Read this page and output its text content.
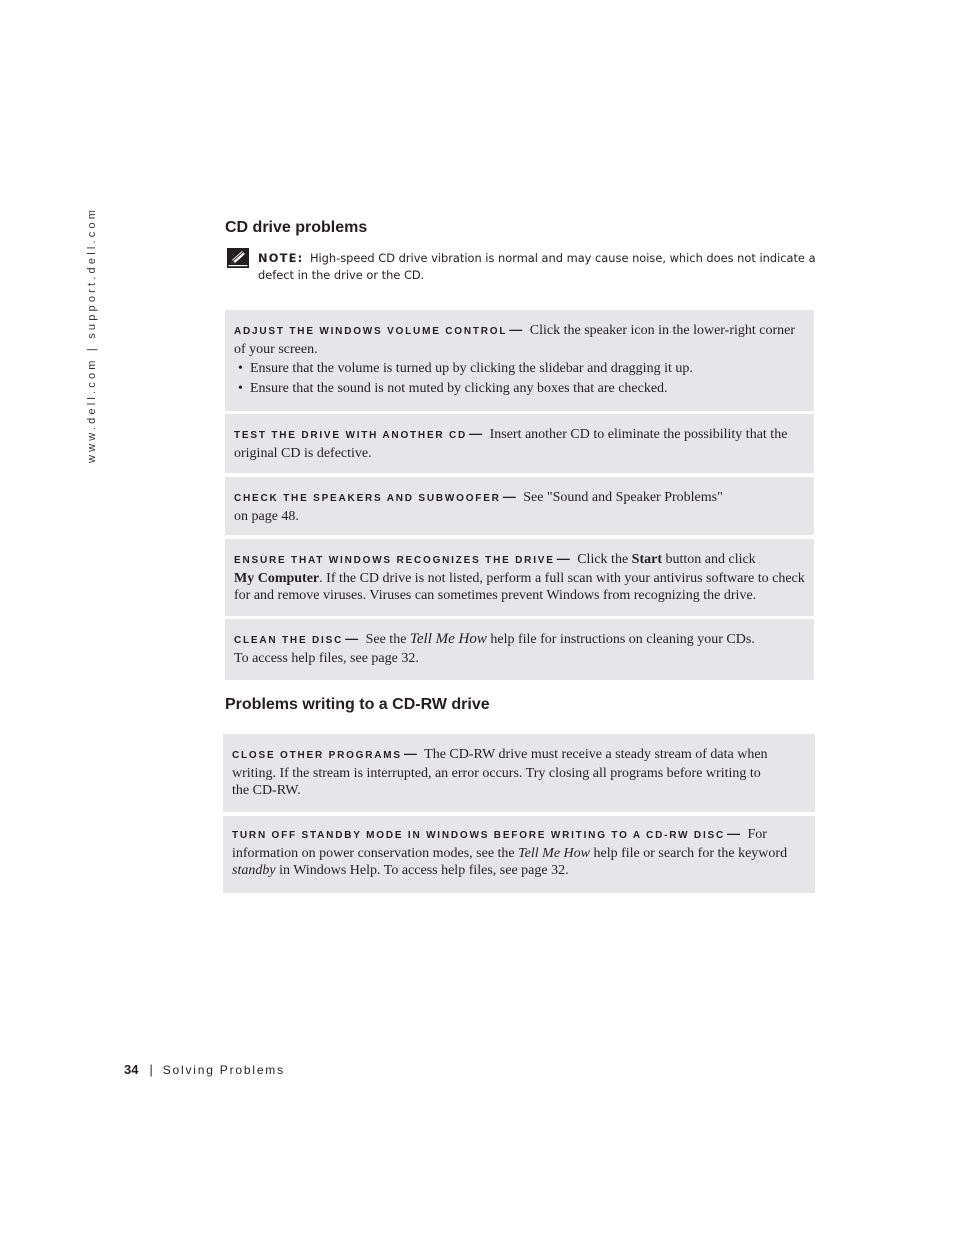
www.dell.com | support.dell.com	CD drive problems
NOTE: High-speed CD drive vibration is normal and may cause noise, which does not indicate a defect in the drive or the CD.

ADJUST THE WINDOWS VOLUME CONTROL — Click the speaker icon in the lower-right corner of your screen.

• Ensure that the volume is turned up by clicking the slidebar and dragging it up.
• Ensure that the sound is not muted by clicking any boxes that are checked.

TEST THE DRIVE WITH ANOTHER CD — Insert another CD to eliminate the possibility that the original CD is defective.

CHECK THE SPEAKERS AND SUBWOOFER — See "Sound and Speaker Problems"
on page 48.

ENSURE THAT WINDOWS RECOGNIZES THE DRIVE — Click the Start button and click
My Computer. If the CD drive is not listed, perform a full scan with your antivirus software to check for and remove viruses. Viruses can sometimes prevent Windows from recognizing the drive.

CLEAN THE DISC — See the Tell Me How help file for instructions on cleaning your CDs.
To access help files, see page 32.

Problems writing to a CD-RW drive

CLOSE OTHER PROGRAMS — The CD-RW drive must receive a steady stream of data when writing. If the stream is interrupted, an error occurs. Try closing all programs before writing to
the CD-RW.

TURN OFF STANDBY MODE IN WINDOWS BEFORE WRITING TO A CD-RW DISC — For information on power conservation modes, see the Tell Me How help file or search for the keyword standby in Windows Help. To access help files, see page 32.

34 | Solving Problems
